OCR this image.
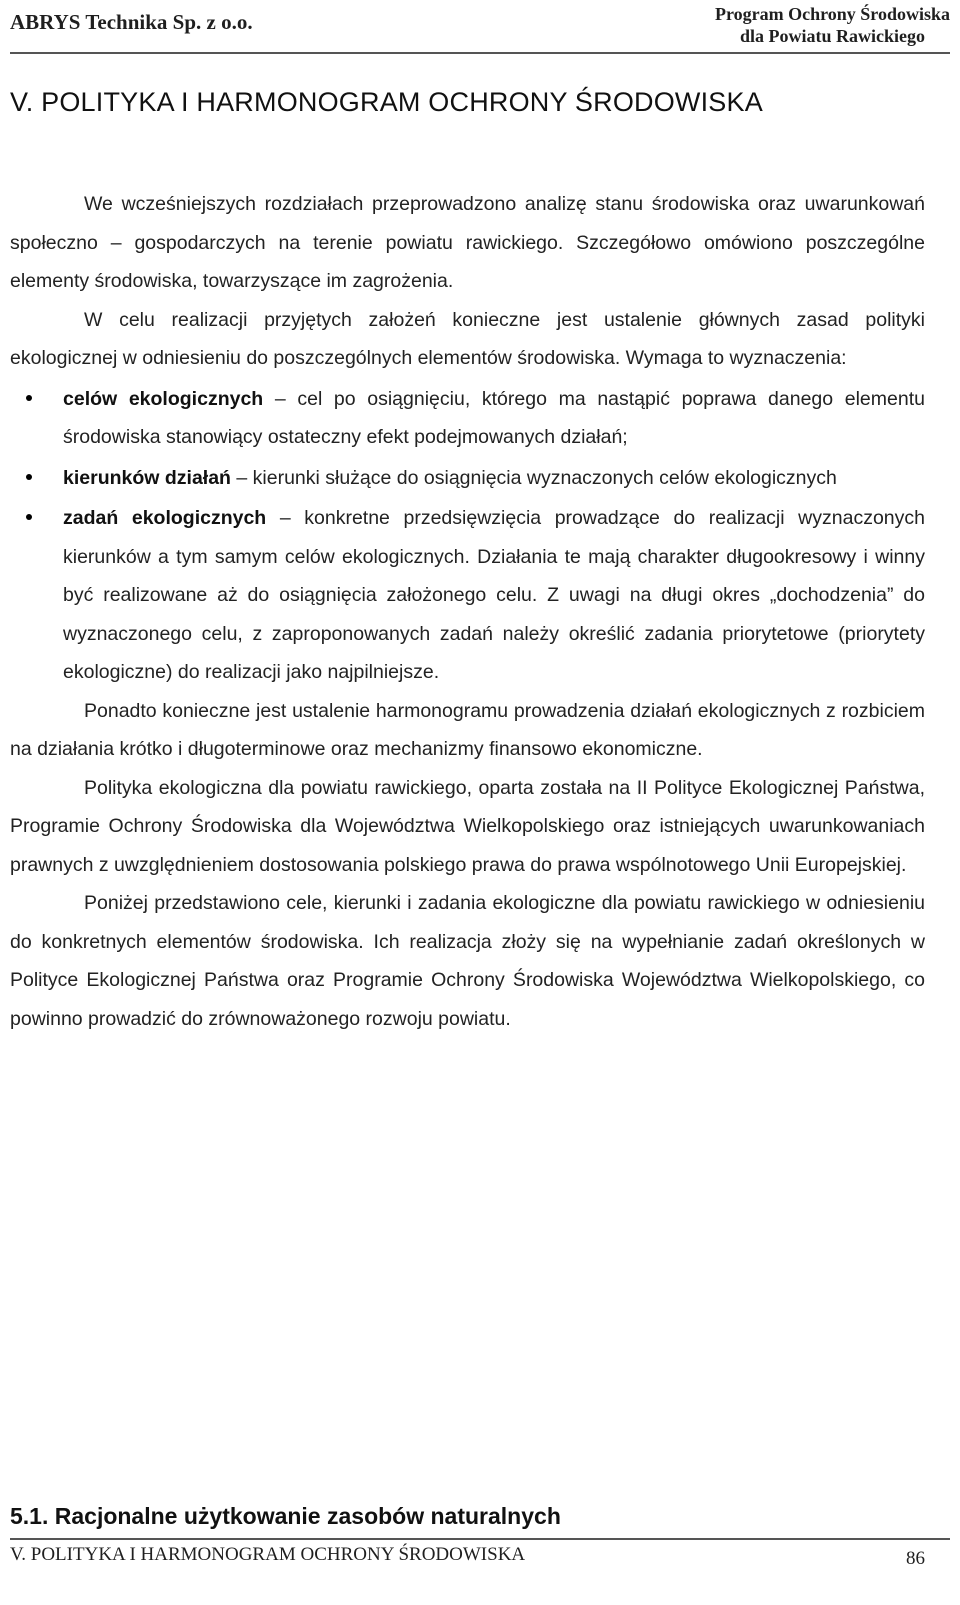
ABRYS Technika Sp. z o.o.	Program Ochrony Środowiska
dla Powiatu Rawickiego
V. POLITYKA I HARMONOGRAM OCHRONY ŚRODOWISKA

We wcześniejszych rozdziałach przeprowadzono analizę stanu środowiska oraz uwarunkowań społeczno – gospodarczych na terenie powiatu rawickiego. Szczegółowo omówiono poszczególne elementy środowiska, towarzyszące im zagrożenia.

W celu realizacji przyjętych założeń konieczne jest ustalenie głównych zasad polityki ekologicznej w odniesieniu do poszczególnych elementów środowiska. Wymaga to wyznaczenia:

celów ekologicznych – cel po osiągnięciu, którego ma nastąpić poprawa danego elementu środowiska stanowiący ostateczny efekt podejmowanych działań;
kierunków działań – kierunki służące do osiągnięcia wyznaczonych celów ekologicznych
zadań ekologicznych – konkretne przedsięwzięcia prowadzące do realizacji wyznaczonych kierunków a tym samym celów ekologicznych. Działania te mają charakter długookresowy i winny być realizowane aż do osiągnięcia założonego celu. Z uwagi na długi okres „dochodzenia” do wyznaczonego celu, z zaproponowanych zadań należy określić zadania priorytetowe (priorytety ekologiczne) do realizacji jako najpilniejsze.

Ponadto konieczne jest ustalenie harmonogramu prowadzenia działań ekologicznych z rozbiciem na działania krótko i długoterminowe oraz mechanizmy finansowo ekonomiczne.

Polityka ekologiczna dla powiatu rawickiego, oparta została na II Polityce Ekologicznej Państwa, Programie Ochrony Środowiska dla Województwa Wielkopolskiego oraz istniejących uwarunkowaniach prawnych z uwzględnieniem dostosowania polskiego prawa do prawa wspólnotowego Unii Europejskiej.

Poniżej przedstawiono cele, kierunki i zadania ekologiczne dla powiatu rawickiego w odniesieniu do konkretnych elementów środowiska. Ich realizacja złoży się na wypełnianie zadań określonych w Polityce Ekologicznej Państwa oraz Programie Ochrony Środowiska Województwa Wielkopolskiego, co powinno prowadzić do zrównoważonego rozwoju powiatu.

5.1. Racjonalne użytkowanie zasobów naturalnych
V. POLITYKA I HARMONOGRAM OCHRONY ŚRODOWISKA	86
